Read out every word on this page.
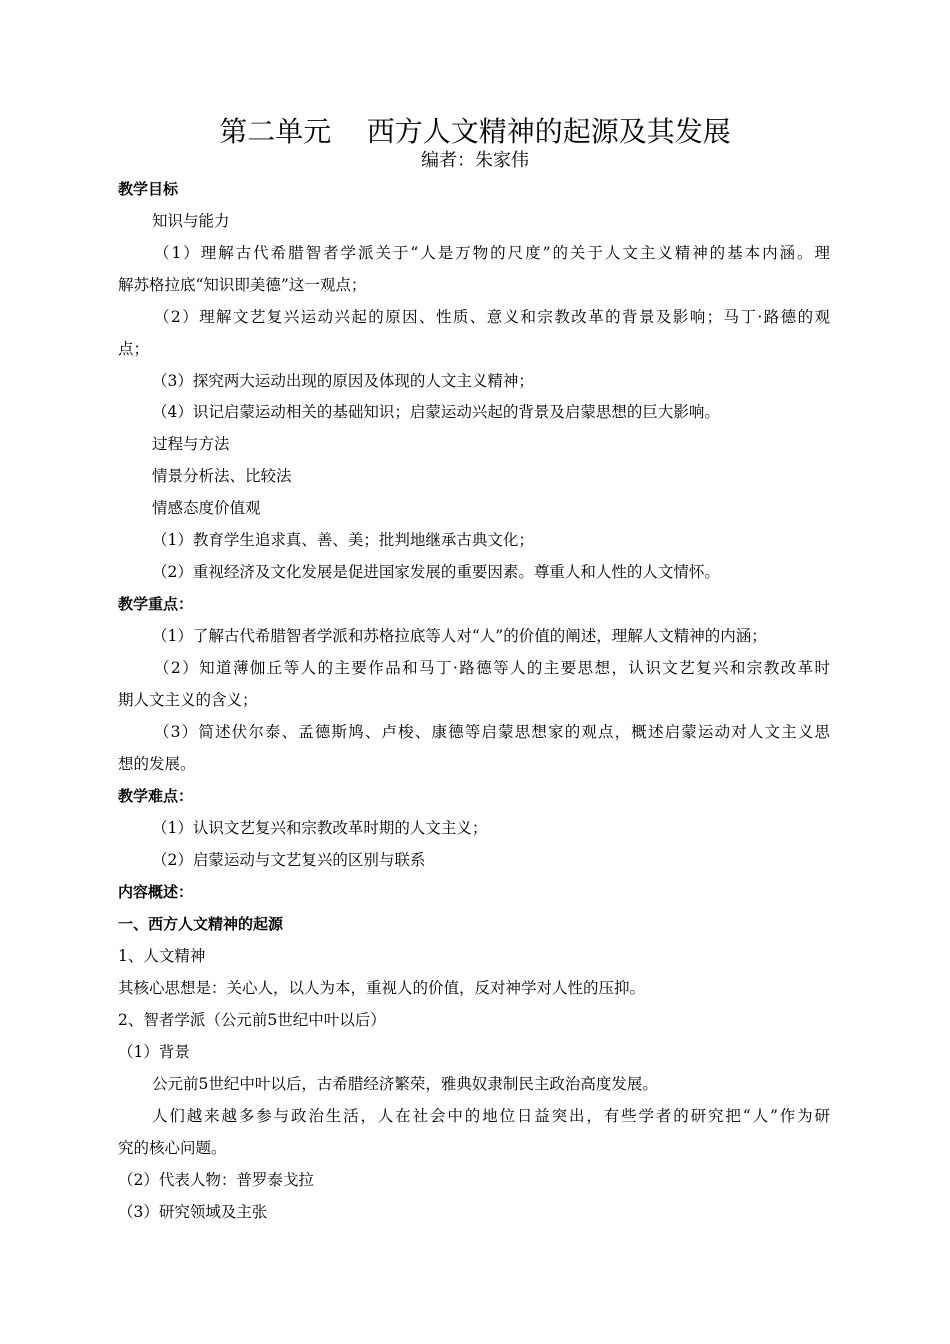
第二单元    西方人文精神的起源及其发展
编者：朱家伟
教学目标
知识与能力
（1）理解古代希腊智者学派关于“人是万物的尺度”的关于人文主义精神的基本内涵。理
解苏格拉底“知识即美德”这一观点；
（2）理解文艺复兴运动兴起的原因、性质、意义和宗教改革的背景及影响；马丁·路德的观
点；
（3）探究两大运动出现的原因及体现的人文主义精神；
（4）识记启蒙运动相关的基础知识；启蒙运动兴起的背景及启蒙思想的巨大影响。
过程与方法
情景分析法、比较法
情感态度价值观
（1）教育学生追求真、善、美；批判地继承古典文化；
（2）重视经济及文化发展是促进国家发展的重要因素。尊重人和人性的人文情怀。
教学重点：
（1）了解古代希腊智者学派和苏格拉底等人对“人”的价值的阐述，理解人文精神的内涵；
（2）知道薄伽丘等人的主要作品和马丁·路德等人的主要思想，认识文艺复兴和宗教改革时
期人文主义的含义；
（3）简述伏尔泰、孟德斯鸠、卢梭、康德等启蒙思想家的观点，概述启蒙运动对人文主义思
想的发展。
教学难点：
（1）认识文艺复兴和宗教改革时期的人文主义；
（2）启蒙运动与文艺复兴的区别与联系
内容概述：
一、西方人文精神的起源
1、人文精神
其核心思想是：关心人，以人为本，重视人的价值，反对神学对人性的压抑。
2、智者学派（公元前5世纪中叶以后）
（1）背景
公元前5世纪中叶以后，古希腊经济繁荣，雅典奴隶制民主政治高度发展。
人们越来越多参与政治生活，人在社会中的地位日益突出，有些学者的研究把“人”作为研
究的核心问题。
（2）代表人物：普罗泰戈拉
（3）研究领域及主张
